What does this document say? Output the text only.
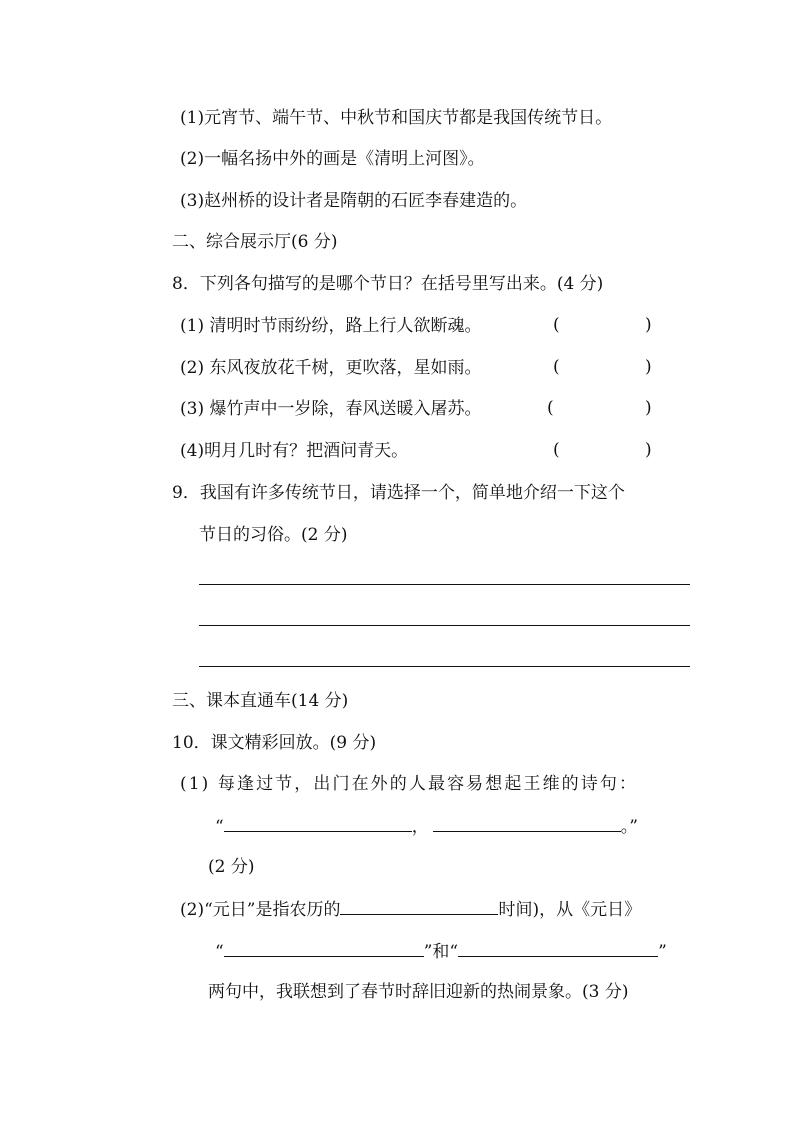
(1)元宵节、端午节、中秋节和国庆节都是我国传统节日。
(2)一幅名扬中外的画是《清明上河图》。
(3)赵州桥的设计者是隋朝的石匠李春建造的。
二、综合展示厅(6 分)
8．下列各句描写的是哪个节日？在括号里写出来。(4 分)
(1) 清明时节雨纷纷，路上行人欲断魂。	(	)
(2) 东风夜放花千树，更吹落，星如雨。	(	)
(3) 爆竹声中一岁除，春风送暖入屠苏。	(	)
(4)明月几时有？把酒问青天。	(	)
9．我国有许多传统节日，请选择一个，简单地介绍一下这个
节日的习俗。(2 分)
三、课本直通车(14 分)
10．课文精彩回放。(9 分)
(1) 每逢过节，出门在外的人最容易想起王维的诗句：
“	，	。”
(2 分)
(2)“元日”是指农历的	时间)，从《元日》
“	”和“	”
两句中，我联想到了春节时辞旧迎新的热闹景象。(3 分)
